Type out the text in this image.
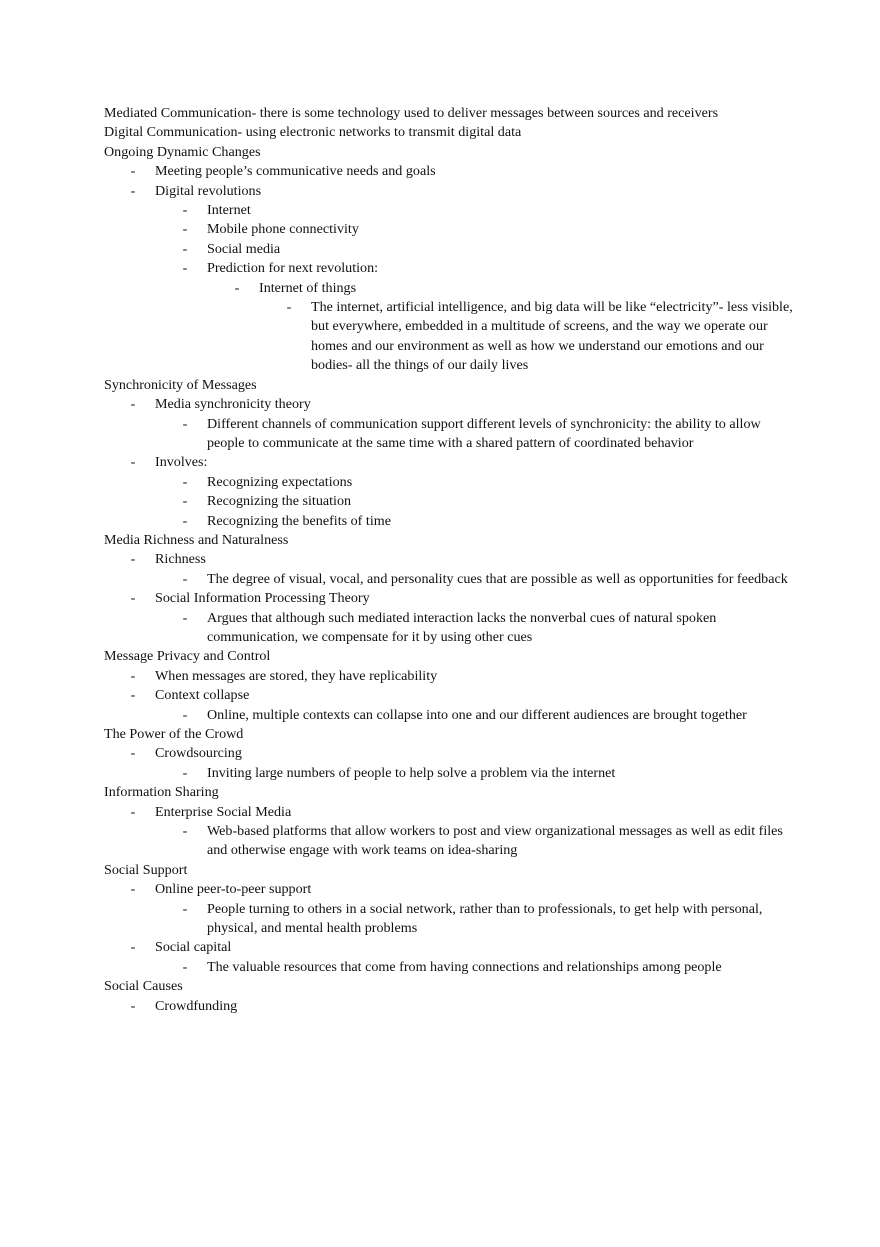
Mediated Communication- there is some technology used to deliver messages between sources and receivers
Digital Communication- using electronic networks to transmit digital data
Ongoing Dynamic Changes
- Meeting people’s communicative needs and goals
- Digital revolutions
- Internet
- Mobile phone connectivity
- Social media
- Prediction for next revolution:
- Internet of things
- The internet, artificial intelligence, and big data will be like “electricity”- less visible, but everywhere, embedded in a multitude of screens, and the way we operate our homes and our environment as well as how we understand our emotions and our bodies- all the things of our daily lives
Synchronicity of Messages
- Media synchronicity theory
- Different channels of communication support different levels of synchronicity: the ability to allow people to communicate at the same time with a shared pattern of coordinated behavior
- Involves:
- Recognizing expectations
- Recognizing the situation
- Recognizing the benefits of time
Media Richness and Naturalness
- Richness
- The degree of visual, vocal, and personality cues that are possible as well as opportunities for feedback
- Social Information Processing Theory
- Argues that although such mediated interaction lacks the nonverbal cues of natural spoken communication, we compensate for it by using other cues
Message Privacy and Control
- When messages are stored, they have replicability
- Context collapse
- Online, multiple contexts can collapse into one and our different audiences are brought together
The Power of the Crowd
- Crowdsourcing
- Inviting large numbers of people to help solve a problem via the internet
Information Sharing
- Enterprise Social Media
- Web-based platforms that allow workers to post and view organizational messages as well as edit files and otherwise engage with work teams on idea-sharing
Social Support
- Online peer-to-peer support
- People turning to others in a social network, rather than to professionals, to get help with personal, physical, and mental health problems
- Social capital
- The valuable resources that come from having connections and relationships among people
Social Causes
- Crowdfunding
